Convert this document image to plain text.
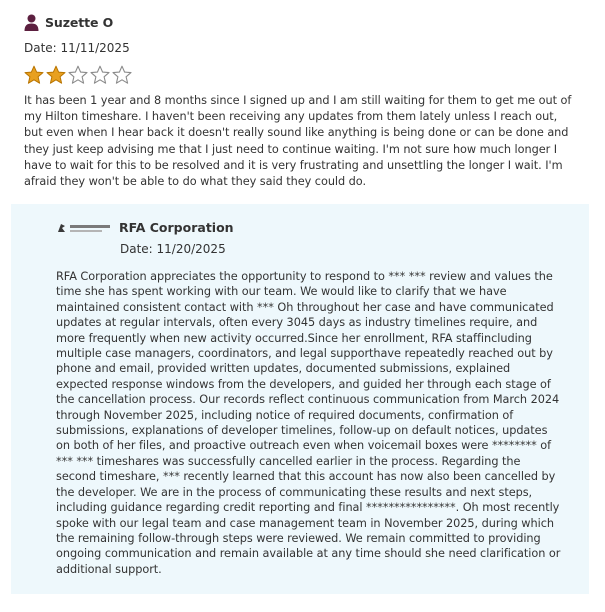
Suzette O
Date: 11/11/2025
It has been 1 year and 8 months since I signed up and I am still waiting for them to get me out of my Hilton timeshare. I haven't been receiving any updates from them lately unless I reach out, but even when I hear back it doesn't really sound like anything is being done or can be done and they just keep advising me that I just need to continue waiting. I'm not sure how much longer I have to wait for this to be resolved and it is very frustrating and unsettling the longer I wait. I'm afraid they won't be able to do what they said they could do.
RFA Corporation
Date: 11/20/2025
RFA Corporation appreciates the opportunity to respond to *** *** review and values the time she has spent working with our team. We would like to clarify that we have maintained consistent contact with *** Oh throughout her case and have communicated updates at regular intervals, often every 3045 days as industry timelines require, and more frequently when new activity occurred.Since her enrollment, RFA staffincluding multiple case managers, coordinators, and legal supporthave repeatedly reached out by phone and email, provided written updates, documented submissions, explained expected response windows from the developers, and guided her through each stage of the cancellation process. Our records reflect continuous communication from March 2024 through November 2025, including notice of required documents, confirmation of submissions, explanations of developer timelines, follow-up on default notices, updates on both of her files, and proactive outreach even when voicemail boxes were ******** of *** *** timeshares was successfully cancelled earlier in the process. Regarding the second timeshare, *** recently learned that this account has now also been cancelled by the developer. We are in the process of communicating these results and next steps, including guidance regarding credit reporting and final ****************. Oh most recently spoke with our legal team and case management team in November 2025, during which the remaining follow-through steps were reviewed. We remain committed to providing ongoing communication and remain available at any time should she need clarification or additional support.
